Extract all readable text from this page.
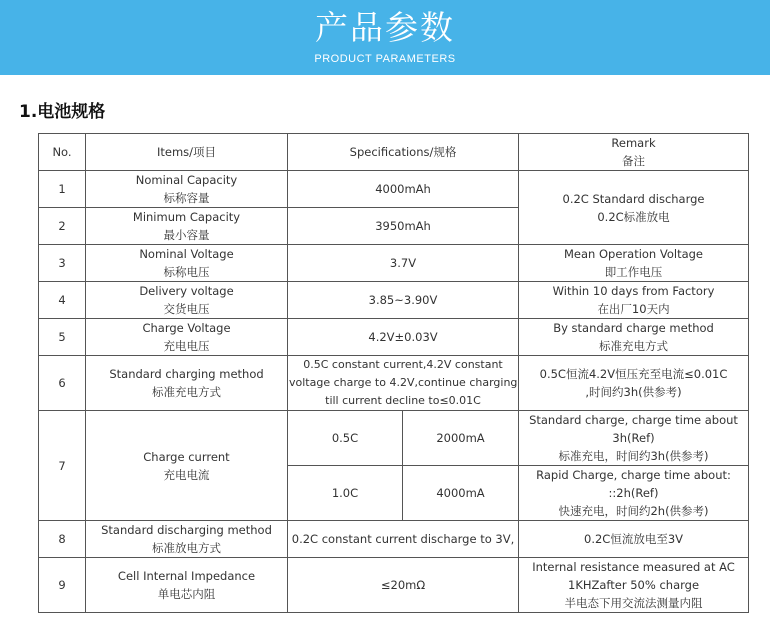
产品参数
PRODUCT PARAMETERS
1.电池规格
No.	Items/项目	Specifications/规格		Remark
备注

1	Nominal Capacity
标称容量	4000mAh		0.2C Standard discharge
0.2C标准放电

2	Minimum Capacity
最小容量	3950mAh		
3	Nominal Voltage
标称电压	3.7V		Mean Operation Voltage
即工作电压

4	Delivery voltage
交货电压	3.85~3.90V		Within 10 days from Factory
在出厂10天内

5	Charge Voltage
充电电压	4.2V±0.03V		By standard charge method
标准充电方式

6	Standard charging method
标准充电方式	0.5C constant current,4.2V constant
voltage charge to 4.2V,continue charging
till current decline to≤0.01C		0.5C恒流4.2V恒压充至电流≤0.01C
,时间约3h(供参考)

7	Charge current
充电电流	0.5C	2000mA	Standard charge, charge time about
3h(Ref)
标准充电，时间约3h(供参考)

		1.0C	4000mA	Rapid Charge, charge time about:
::2h(Ref)
快速充电，时间约2h(供参考)

8	Standard discharging method
标准放电方式	0.2C constant current discharge to 3V,		0.2C恒流放电至3V
9	Cell Internal Impedance
单电芯内阻	≤20mΩ		Internal resistance measured at AC
1KHZafter 50% charge
半电态下用交流法测量内阻
